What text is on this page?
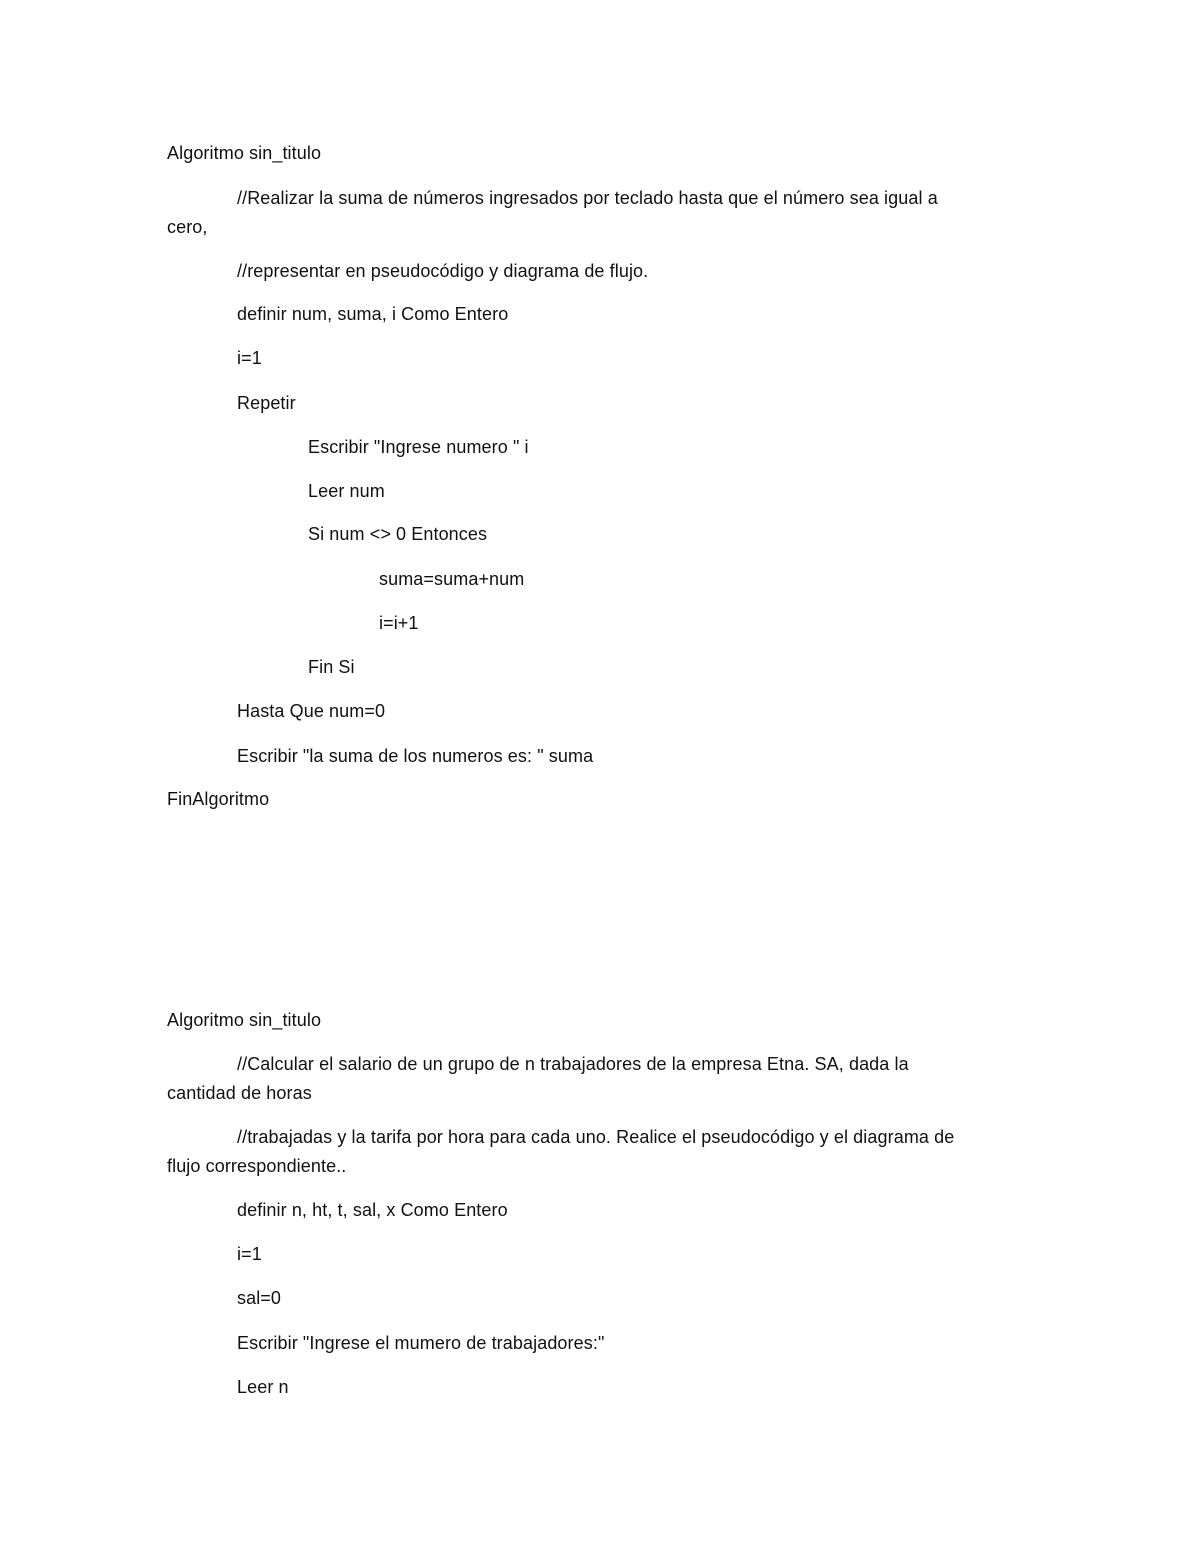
Algoritmo sin_titulo
//Realizar la suma de números ingresados por teclado hasta que el número sea igual a
cero,
//representar en pseudocódigo y diagrama de flujo.
definir num, suma, i Como Entero
i=1
Repetir
Escribir "Ingrese numero " i
Leer num
Si num <> 0 Entonces
suma=suma+num
i=i+1
Fin Si
Hasta Que num=0
Escribir "la suma de los numeros es: " suma
FinAlgoritmo
Algoritmo sin_titulo
//Calcular el salario de un grupo de n trabajadores de la empresa Etna. SA, dada la
cantidad de horas
//trabajadas y la tarifa por hora para cada uno. Realice el pseudocódigo y el diagrama de
flujo correspondiente..
definir n, ht, t, sal, x Como Entero
i=1
sal=0
Escribir "Ingrese el mumero de trabajadores:"
Leer n
